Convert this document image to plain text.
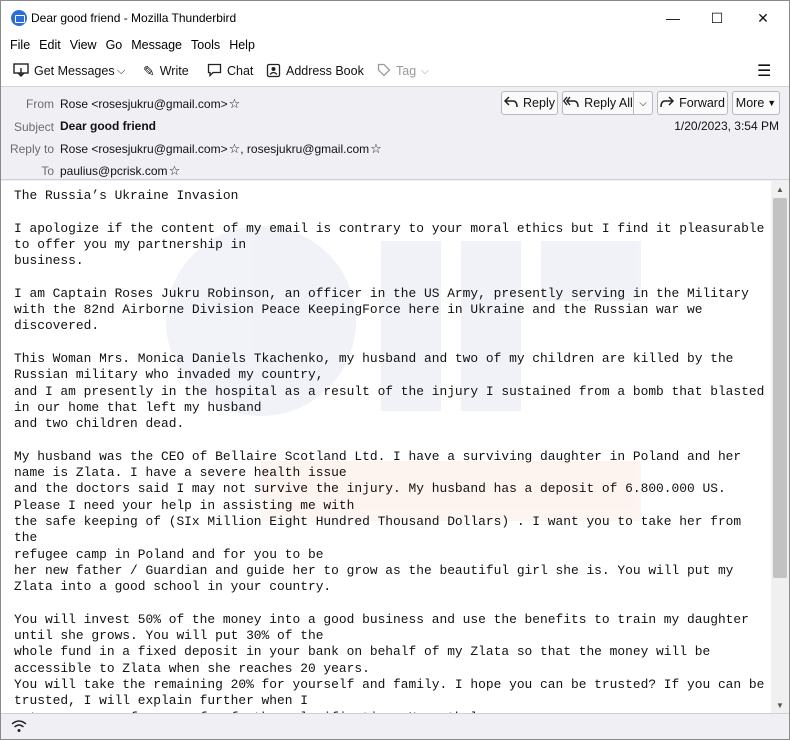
Dear good friend - Mozilla Thunderbird	—	☐	✕
File Edit View Go Message Tools Help
Get Messages ⌵ ✎ Write	Chat	Address Book	Tag ⌵	☰
From Rose <rosesjukru@gmail.com>☆
Subject Dear good friend	1/20/2023, 3:54 PM
Reply to Rose <rosesjukru@gmail.com>☆, rosesjukru@gmail.com☆
To paulius@pcrisk.com☆
Reply Reply All ⌵	Forward More ▼
The Russia’s Ukraine Invasion

I apologize if the content of my email is contrary to your moral ethics but I find it pleasurable
to offer you my partnership in
business.

I am Captain Roses Jukru Robinson, an officer in the US Army, presently serving in the Military
with the 82nd Airborne Division Peace KeepingForce here in Ukraine and the Russian war we
discovered.

This Woman Mrs. Monica Daniels Tkachenko, my husband and two of my children are killed by the
Russian military who invaded my country,
and I am presently in the hospital as a result of the injury I sustained from a bomb that blasted
in our home that left my husband
and two children dead.

My husband was the CEO of Bellaire Scotland Ltd. I have a surviving daughter in Poland and her
name is Zlata. I have a severe health issue
and the doctors said I may not survive the injury. My husband has a deposit of 6.800.000 US.
Please I need your help in assisting me with
the safe keeping of (SIx Million Eight Hundred Thousand Dollars) . I want you to take her from the
refugee camp in Poland and for you to be
her new father / Guardian and guide her to grow as the beautiful girl she is. You will put my
Zlata into a good school in your country.

You will invest 50% of the money into a good business and use the benefits to train my daughter
until she grows. You will put 30% of the
whole fund in a fixed deposit in your bank on behalf of my Zlata so that the money will be
accessible to Zlata when she reaches 20 years.
You will take the remaining 20% for yourself and family. I hope you can be trusted? If you can be
trusted, I will explain further when I

▲
▼
